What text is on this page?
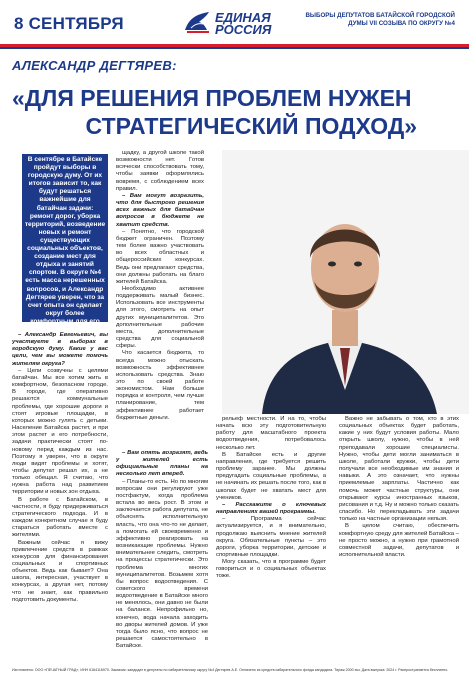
8 СЕНТЯБРЯ	ЕДИНАЯ
РОССИЯ
ВЫБОРЫ ДЕПУТАТОВ БАТАЙСКОЙ ГОРОДСКОЙ ДУМЫ VII СОЗЫВА ПО ОКРУГУ №4
АЛЕКСАНДР ДЕГТЯРЕВ:
«ДЛЯ РЕШЕНИЯ ПРОБЛЕМ НУЖЕН
СТРАТЕГИЧЕСКИЙ ПОДХОД»
В сентябре в Батайске пройдут выборы в городскую думу. От их итогов зависит то, как будут решаться важнейшие для батайчан задачи: ремонт дорог, уборка территорий, возведение новых и ремонт существующих социальных объектов, создание мест для отдыха и занятий спортом. В округе №4 есть масса нерешенных вопросов, и Александр Дегтярев уверен, что за счет опыта он сделает округ более комфортным для его жителей.

– Александр Евгеньевич, вы участвуете в выборах в городскую думу. Какие у вас цели, чем вы можете помочь жителям округа?

– Цели созвучны с целями батайчан. Мы все хотим жить в комфортном, безопасном городе. В городе, где оперативно решаются коммунальные проблемы, где хорошие дороги и стоят игровые площадки, в которых можно гулять с детьми. Население Батайска растет, и при этом растет и его потребности, задачи практически стоят по-новому перед каждым из нас. Поэтому я уверен, что в округе люди видят проблемы и хотят, чтобы депутат решал их, а не только обещал. Я считаю, что нужна работа над развитием территории и новых зон отдыха.

В работе с Батайском, в частности, я буду придерживаться стратегического подхода. И в каждом конкретном случае я буду стараться работать вместе с жителями.

Важным сейчас я вижу привлечение средств в рамках конкурсов для финансирования социальных и спортивных объектов. Ведь как бывает? Она школа, интересная, участвует в конкурсах, а другая нет, потому что не знает, как правильно подготовить документы.

щадку, а другой школе такой возможности нет. Готов всячески способствовать тому, чтобы заявки оформлялись вовремя, с соблюдением всех правил.

– Вам могут возразить, что для быстрого решения всех важных для батайчан вопросов в бюджете не хватит средств.

– Понятно, что городской бюджет ограничен. Поэтому тем более важно участвовать во всех областных и общероссийских конкурсах. Ведь они предлагают средства, они должны работать на благо жителей Батайска.

Необходимо активнее поддерживать малый бизнес. Использовать все инструменты для этого, смотреть на опыт других муниципалитетов. Это дополнительные рабочие места, дополнительные средства для социальной сферы.

Что касается бюджета, то всегда можно отыскать возможность эффективнее использовать средства. Знаю это по своей работе экономистом. Нам больше порядка и контроля, чем лучше планирование, тем эффективнее работает бюджетные деньги.

– Вам опять возразят, ведь у жителей есть официальные планы на несколько лет вперед.

– Планы-то есть. Но по многим вопросам они регулируют уже постфактум, когда проблема встала во весь рост. В этом и заключается работа депутата, не объяснять исполнительную власть, что она что-то не делает, а помогать ей своевременно и эффективно реагировать на возникающие проблемы. Нужно внимательнее следить, смотреть на процессы стратегически. Это проблема многих муниципалитетов. Возьмем хотя бы вопрос водоотведения. С советского времени водоотведение в Батайске много не менялось, они давно не были на балансе. Непрофильно но, конечно, вода начала заходить во дворы жителей домов. И уже тогда было ясно, что вопрос не решается самостоятельно в Батайске.

рельеф местности. И на то, чтобы начать всю эту подготовительную работу для масштабного проекта водоотведения, потребовалось несколько лет.

В Батайске есть и другие направления, где требуется решить проблему заранее. Мы должны предугадать социальные проблемы, а не начинать их решать после того, как в школах будет не хватать мест для учеников.

– Расскажите о ключевых направлениях вашей программы.

– Программа сейчас актуализируется, и я внимательно, продолжаю выяснить мнение жителей округа. Обязательные пункты – это дороги, уборка территории, детские и спортивные площадки.

Могу сказать, что в программе будет говориться и о социальных объектах тоже.

Важно не забывать о том, кто в этих социальных объектах будет работать, какие у них будут условия работы. Мало открыть школу, нужно, чтобы в ней преподавали хорошие специалисты. Нужно, чтобы дети могли заниматься в школе, работали кружки, чтобы дети получали все необходимые им знания и навыки. А это означает, что нужны приемлемые зарплаты. Частично как помочь может частные структуры, они открывают курсы иностранных языков, рисования и т.д. Ну и можно только сказать спасибо. Но перекладывать эти задачи только на частные организации нельзя.

В целом считаю, обеспечить комфортную среду для жителей Батайска – не просто можно, а нужно при грамотной совместной задачи, депутатов и исполнительной власти.

Изготовлено: ООО «ПЕЧАТНЫЙ ГРАД», ИНН 6164116970. Заказчик: кандидат в депутаты по избирательному округу №4 Дегтярев А.Е. Оплачено из средств избирательного фонда кандидата. Тираж 2000 экз. Дата выпуска: 2024 г. Распространяется бесплатно.
